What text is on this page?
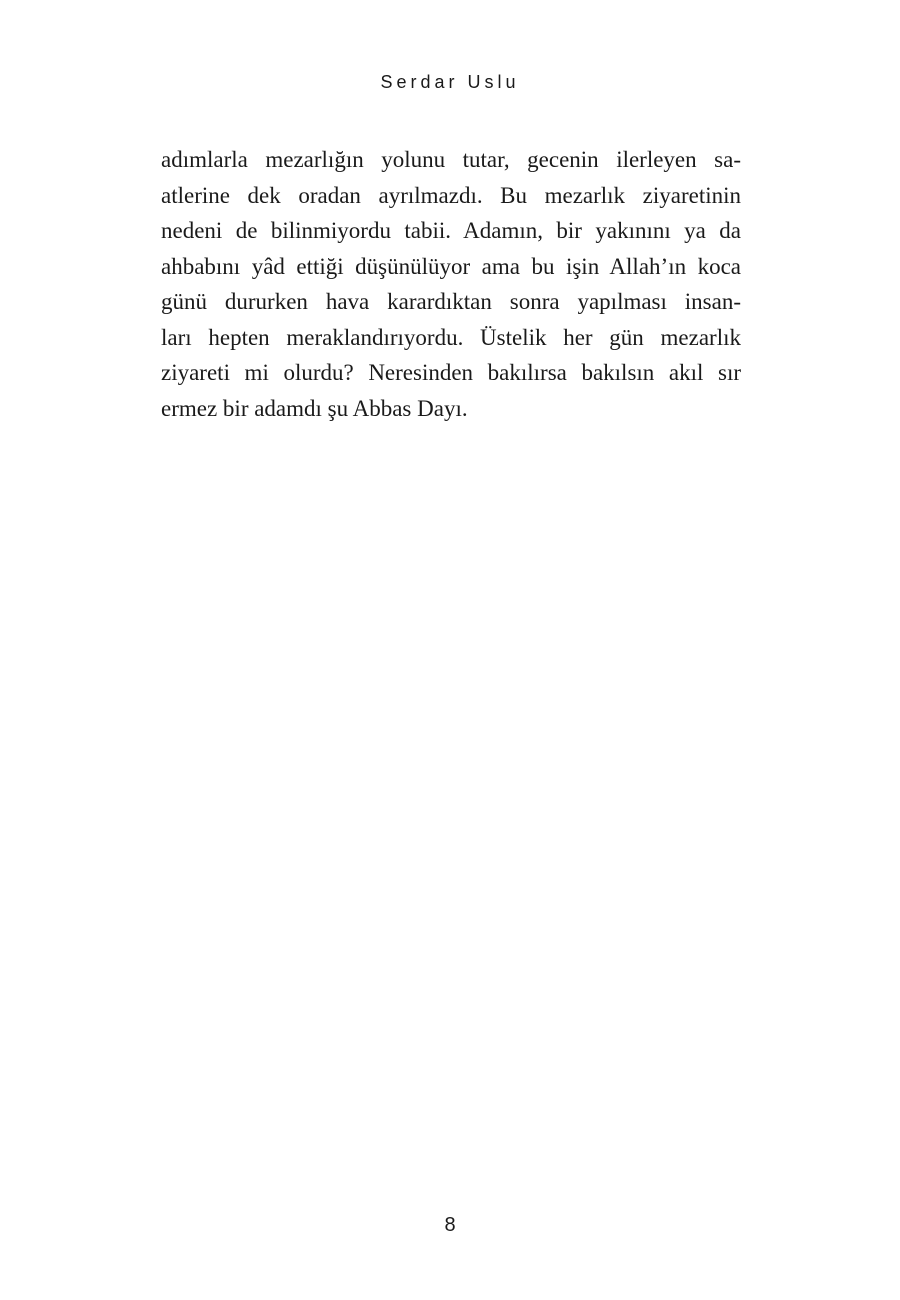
Serdar Uslu
adımlarla mezarlığın yolunu tutar, gecenin ilerleyen sa-
atlerine dek oradan ayrılmazdı. Bu mezarlık ziyaretinin
nedeni de bilinmiyordu tabii. Adamın, bir yakınını ya da
ahbabını yâd ettiği düşünülüyor ama bu işin Allah’ın koca
günü dururken hava karardıktan sonra yapılması insan-
ları hepten meraklandırıyordu. Üstelik her gün mezarlık
ziyareti mi olurdu? Neresinden bakılırsa bakılsın akıl sır
ermez bir adamdı şu Abbas Dayı.
8
